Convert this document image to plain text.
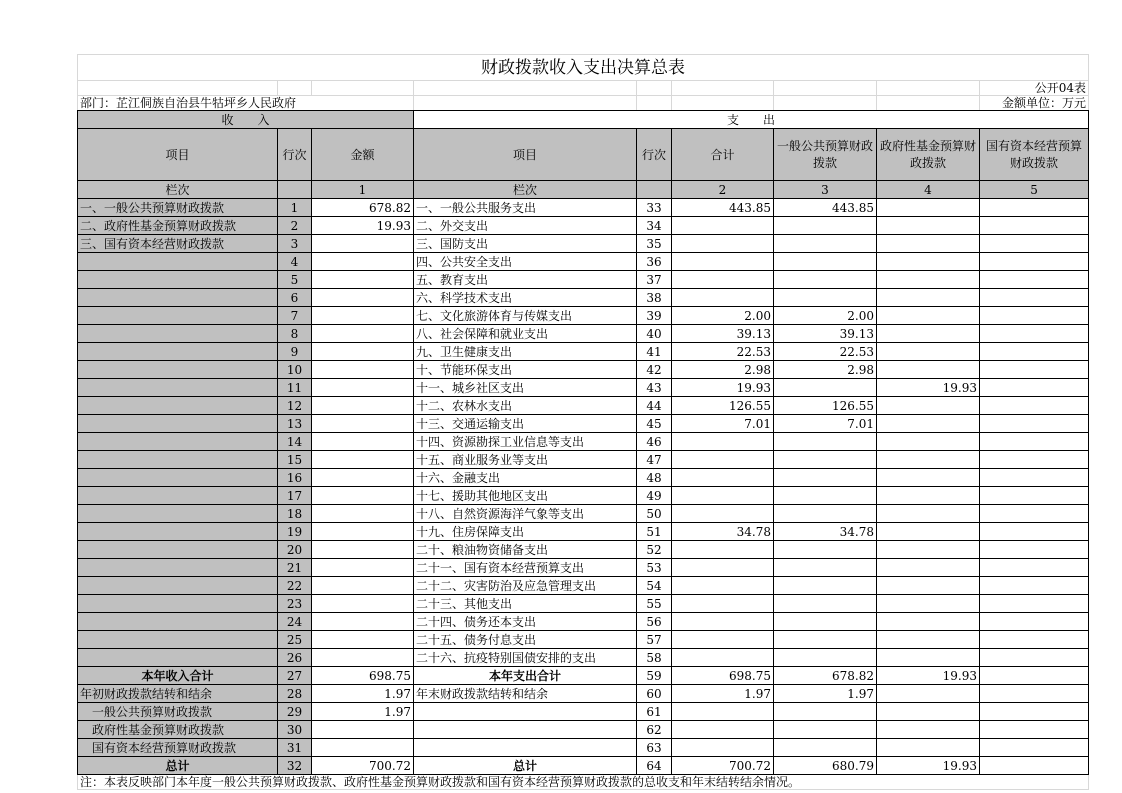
财政拨款收入支出决算总表								
								公开04表
部门：芷江侗族自治县牛牯坪乡人民政府								金额单位：万元
收　　入			支　　出					
项目	行次	金额	项目	行次	合计	一般公共预算财政拨款	政府性基金预算财政拨款	国有资本经营预算财政拨款
栏次		1	栏次		2	3	4	5
一、一般公共预算财政拨款	1	678.82	一、一般公共服务支出	33	443.85	443.85		
二、政府性基金预算财政拨款	2	19.93	二、外交支出	34				
三、国有资本经营财政拨款	3		三、国防支出	35				
	4		四、公共安全支出	36				
	5		五、教育支出	37				
	6		六、科学技术支出	38				
	7		七、文化旅游体育与传媒支出	39	2.00	2.00		
	8		八、社会保障和就业支出	40	39.13	39.13		
	9		九、卫生健康支出	41	22.53	22.53		
	10		十、节能环保支出	42	2.98	2.98		
	11		十一、城乡社区支出	43	19.93		19.93	
	12		十二、农林水支出	44	126.55	126.55		
	13		十三、交通运输支出	45	7.01	7.01		
	14		十四、资源勘探工业信息等支出	46				
	15		十五、商业服务业等支出	47				
	16		十六、金融支出	48				
	17		十七、援助其他地区支出	49				
	18		十八、自然资源海洋气象等支出	50				
	19		十九、住房保障支出	51	34.78	34.78		
	20		二十、粮油物资储备支出	52				
	21		二十一、国有资本经营预算支出	53				
	22		二十二、灾害防治及应急管理支出	54				
	23		二十三、其他支出	55				
	24		二十四、债务还本支出	56				
	25		二十五、债务付息支出	57				
	26		二十六、抗疫特别国债安排的支出	58				
本年收入合计	27	698.75	本年支出合计	59	698.75	678.82	19.93	
年初财政拨款结转和结余	28	1.97	年末财政拨款结转和结余	60	1.97	1.97		
一般公共预算财政拨款	29	1.97		61				
政府性基金预算财政拨款	30			62				
国有资本经营预算财政拨款	31			63				
总计	32	700.72	总计	64	700.72	680.79	19.93	
注：本表反映部门本年度一般公共预算财政拨款、政府性基金预算财政拨款和国有资本经营预算财政拨款的总收支和年末结转结余情况。								
